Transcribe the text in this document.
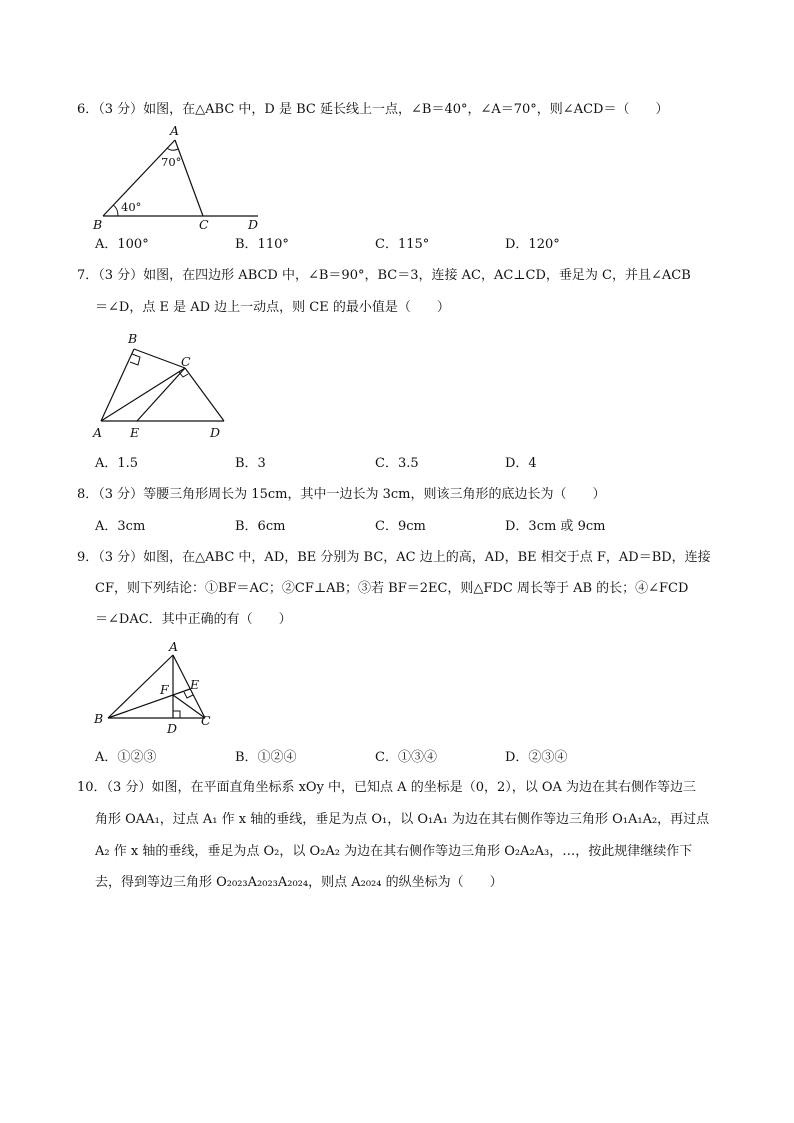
6．（3 分）如图，在△ABC 中，D 是 BC 延长线上一点，∠B＝40°，∠A＝70°，则∠ACD＝（　　）
A
B	C	D
70°
40°
A．100°	B．110°	C．115°	D．120°
7．（3 分）如图，在四边形 ABCD 中，∠B＝90°，BC＝3，连接 AC，AC⊥CD，垂足为 C，并且∠ACB
＝∠D，点 E 是 AD 边上一动点，则 CE 的最小值是（　　）
B
C
A E	D
A．1.5	B．3	C．3.5	D．4
8．（3 分）等腰三角形周长为 15cm，其中一边长为 3cm，则该三角形的底边长为（　　）
A．3cm	B．6cm	C．9cm	D．3cm 或 9cm
9．（3 分）如图，在△ABC 中，AD，BE 分别为 BC，AC 边上的高，AD，BE 相交于点 F，AD＝BD，连接
CF，则下列结论：①BF＝AC；②CF⊥AB；③若 BF＝2EC，则△FDC 周长等于 AB 的长；④∠FCD
＝∠DAC．其中正确的有（　　）
A
B	C
D
E
F
A．①②③	B．①②④	C．①③④	D．②③④
10．（3 分）如图，在平面直角坐标系 xOy 中，已知点 A 的坐标是（0，2），以 OA 为边在其右侧作等边三
角形 OAA₁，过点 A₁ 作 x 轴的垂线，垂足为点 O₁，以 O₁A₁ 为边在其右侧作等边三角形 O₁A₁A₂，再过点
A₂ 作 x 轴的垂线，垂足为点 O₂，以 O₂A₂ 为边在其右侧作等边三角形 O₂A₂A₃，…，按此规律继续作下
去，得到等边三角形 O₂₀₂₃A₂₀₂₃A₂₀₂₄，则点 A₂₀₂₄ 的纵坐标为（　　）
